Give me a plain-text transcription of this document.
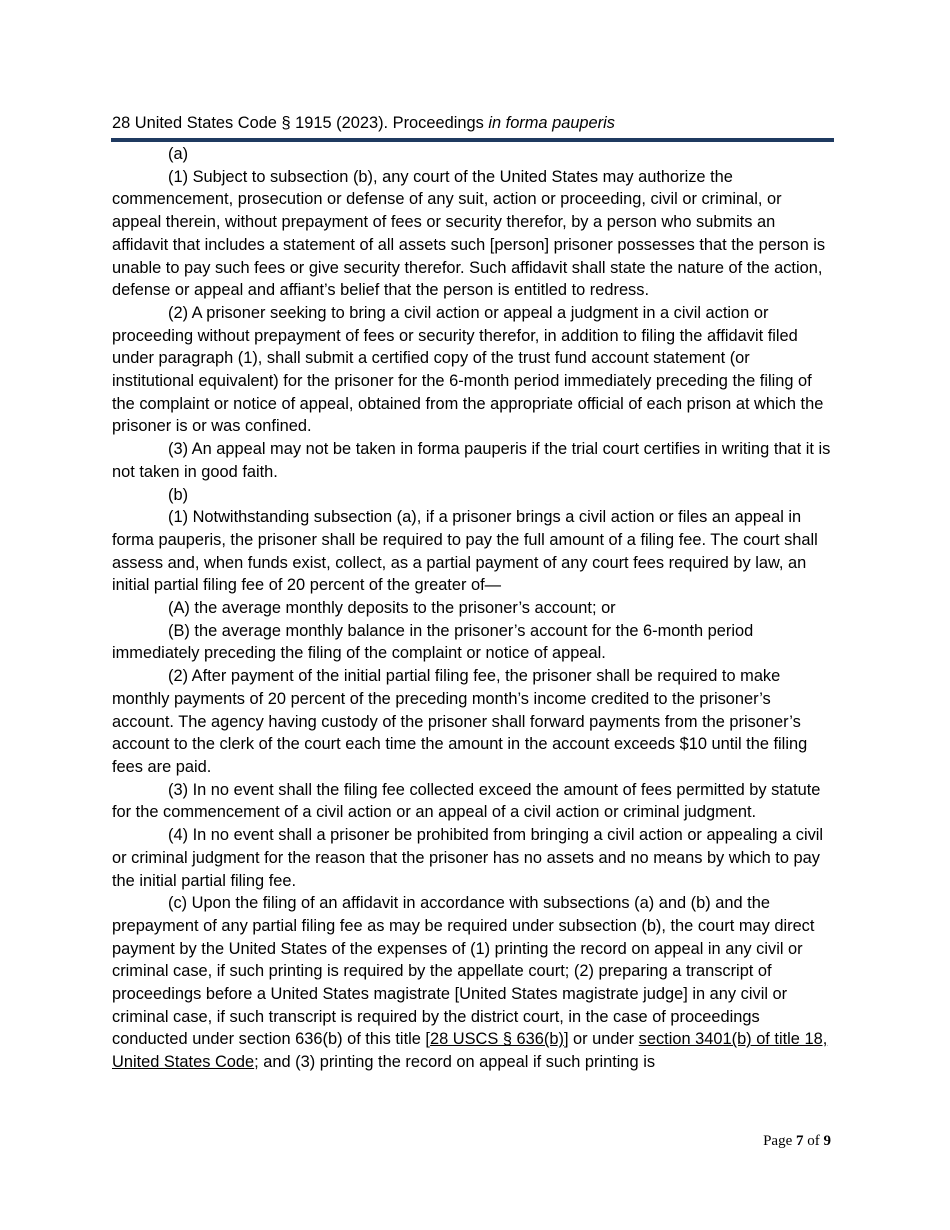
28 United States Code § 1915 (2023). Proceedings in forma pauperis

(a)

(1) Subject to subsection (b), any court of the United States may authorize the commencement, prosecution or defense of any suit, action or proceeding, civil or criminal, or appeal therein, without prepayment of fees or security therefor, by a person who submits an affidavit that includes a statement of all assets such [person] prisoner possesses that the person is unable to pay such fees or give security therefor. Such affidavit shall state the nature of the action, defense or appeal and affiant’s belief that the person is entitled to redress.

(2) A prisoner seeking to bring a civil action or appeal a judgment in a civil action or proceeding without prepayment of fees or security therefor, in addition to filing the affidavit filed under paragraph (1), shall submit a certified copy of the trust fund account statement (or institutional equivalent) for the prisoner for the 6-month period immediately preceding the filing of the complaint or notice of appeal, obtained from the appropriate official of each prison at which the prisoner is or was confined.

(3) An appeal may not be taken in forma pauperis if the trial court certifies in writing that it is not taken in good faith.

(b)

(1) Notwithstanding subsection (a), if a prisoner brings a civil action or files an appeal in forma pauperis, the prisoner shall be required to pay the full amount of a filing fee. The court shall assess and, when funds exist, collect, as a partial payment of any court fees required by law, an initial partial filing fee of 20 percent of the greater of—

(A) the average monthly deposits to the prisoner’s account; or

(B) the average monthly balance in the prisoner’s account for the 6-month period immediately preceding the filing of the complaint or notice of appeal.

(2) After payment of the initial partial filing fee, the prisoner shall be required to make monthly payments of 20 percent of the preceding month’s income credited to the prisoner’s account. The agency having custody of the prisoner shall forward payments from the prisoner’s account to the clerk of the court each time the amount in the account exceeds $10 until the filing fees are paid.

(3) In no event shall the filing fee collected exceed the amount of fees permitted by statute for the commencement of a civil action or an appeal of a civil action or criminal judgment.

(4) In no event shall a prisoner be prohibited from bringing a civil action or appealing a civil or criminal judgment for the reason that the prisoner has no assets and no means by which to pay the initial partial filing fee.

(c) Upon the filing of an affidavit in accordance with subsections (a) and (b) and the prepayment of any partial filing fee as may be required under subsection (b), the court may direct payment by the United States of the expenses of (1) printing the record on appeal in any civil or criminal case, if such printing is required by the appellate court; (2) preparing a transcript of proceedings before a United States magistrate [United States magistrate judge] in any civil or criminal case, if such transcript is required by the district court, in the case of proceedings conducted under section 636(b) of this title [28 USCS § 636(b)] or under section 3401(b) of title 18, United States Code; and (3) printing the record on appeal if such printing is

Page 7 of 9
